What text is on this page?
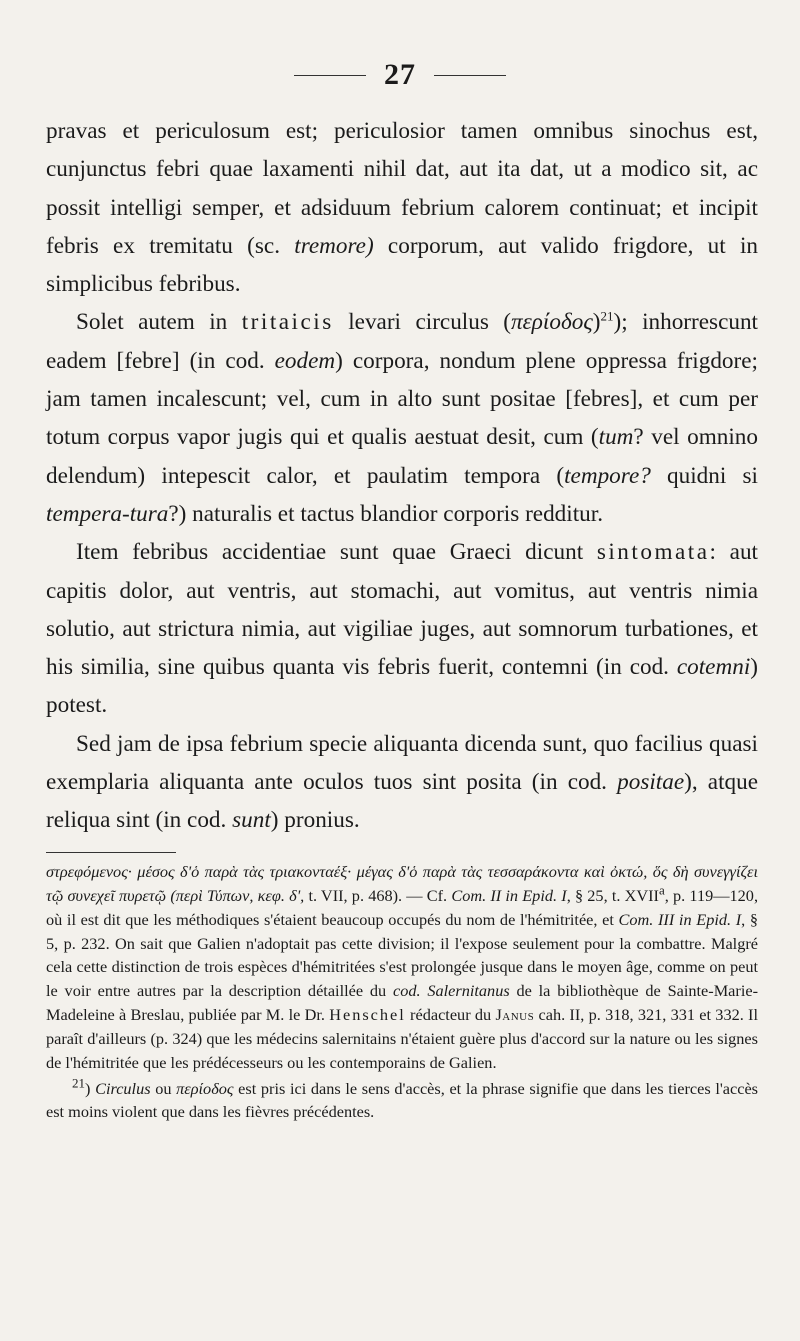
27

pravas et periculosum est; periculosior tamen omnibus sinochus est, cunjunctus febri quae laxamenti nihil dat, aut ita dat, ut a modico sit, ac possit intelligi semper, et adsiduum febrium calorem continuat; et incipit febris ex tremitatu (sc. tremore) corporum, aut valido frigdore, ut in simplicibus febribus.

Solet autem in tritaicis levari circulus $(\pi\varepsilon\rho ίo\delta o\varsigma)^{21}$); inhorrescunt eadem [febre] (in cod. eodem) corpora, nondum plene oppressa frigdore; jam tamen incalescunt; vel, cum in alto sunt positae [febres], et cum per totum corpus vapor jugis qui et qualis aestuat desit, cum (tum? vel omnino delendum) intepescit calor, et paulatim tempora (tempore? quidni si tempera-tura?) naturalis et tactus blandior corporis redditur.

Item febribus accidentiae sunt quae Graeci dicunt sintomata: aut capitis dolor, aut ventris, aut stomachi, aut vomitus, aut ventris nimia solutio, aut strictura nimia, aut vigiliae juges, aut somnorum turbationes, et his similia, sine quibus quanta vis febris fuerit, contemni (in cod. cotemni) potest.

Sed jam de ipsa febrium specie aliquanta dicenda sunt, quo facilius quasi exemplaria aliquanta ante oculos tuos sint posita (in cod. positae), atque reliqua sint (in cod. sunt) pronius.

στρεφόμενος· μέσος δ'ὁ παρὰ τὰς τριακονταέξ· μέγας δ'ὁ παρὰ τὰς τεσσαράκοντα καὶ ὀκτώ, ὅς δὴ συνεγγίζει τῷ συνεχεῖ πυρετῷ (περὶ Τύπων, κεφ. δ', t. VII, p. 468). — Cf. Com. II in Epid. I, § 25, t. XVII$^a$, p. 119—120, où il est dit que les méthodiques s'étaient beaucoup occupés du nom de l'hémitritée, et Com. III in Epid. I, § 5, p. 232. On sait que Galien n'adoptait pas cette division; il l'expose seulement pour la combattre. Malgré cela cette distinction de trois espèces d'hémitritées s'est prolongée jusque dans le moyen âge, comme on peut le voir entre autres par la description détaillée du cod. Salernitanus de la bibliothèque de Sainte-Marie-Madeleine à Breslau, publiée par M. le Dr. Henschel rédacteur du Janus cah. II, p. 318, 321, 331 et 332. Il paraît d'ailleurs (p. 324) que les médecins salernitains n'étaient guère plus d'accord sur la nature ou les signes de l'hémitritée que les prédécesseurs ou les contemporains de Galien.

$^{21}$) Circulus ou περίοδος est pris ici dans le sens d'accès, et la phrase signifie que dans les tierces l'accès est moins violent que dans les fièvres précédentes.
